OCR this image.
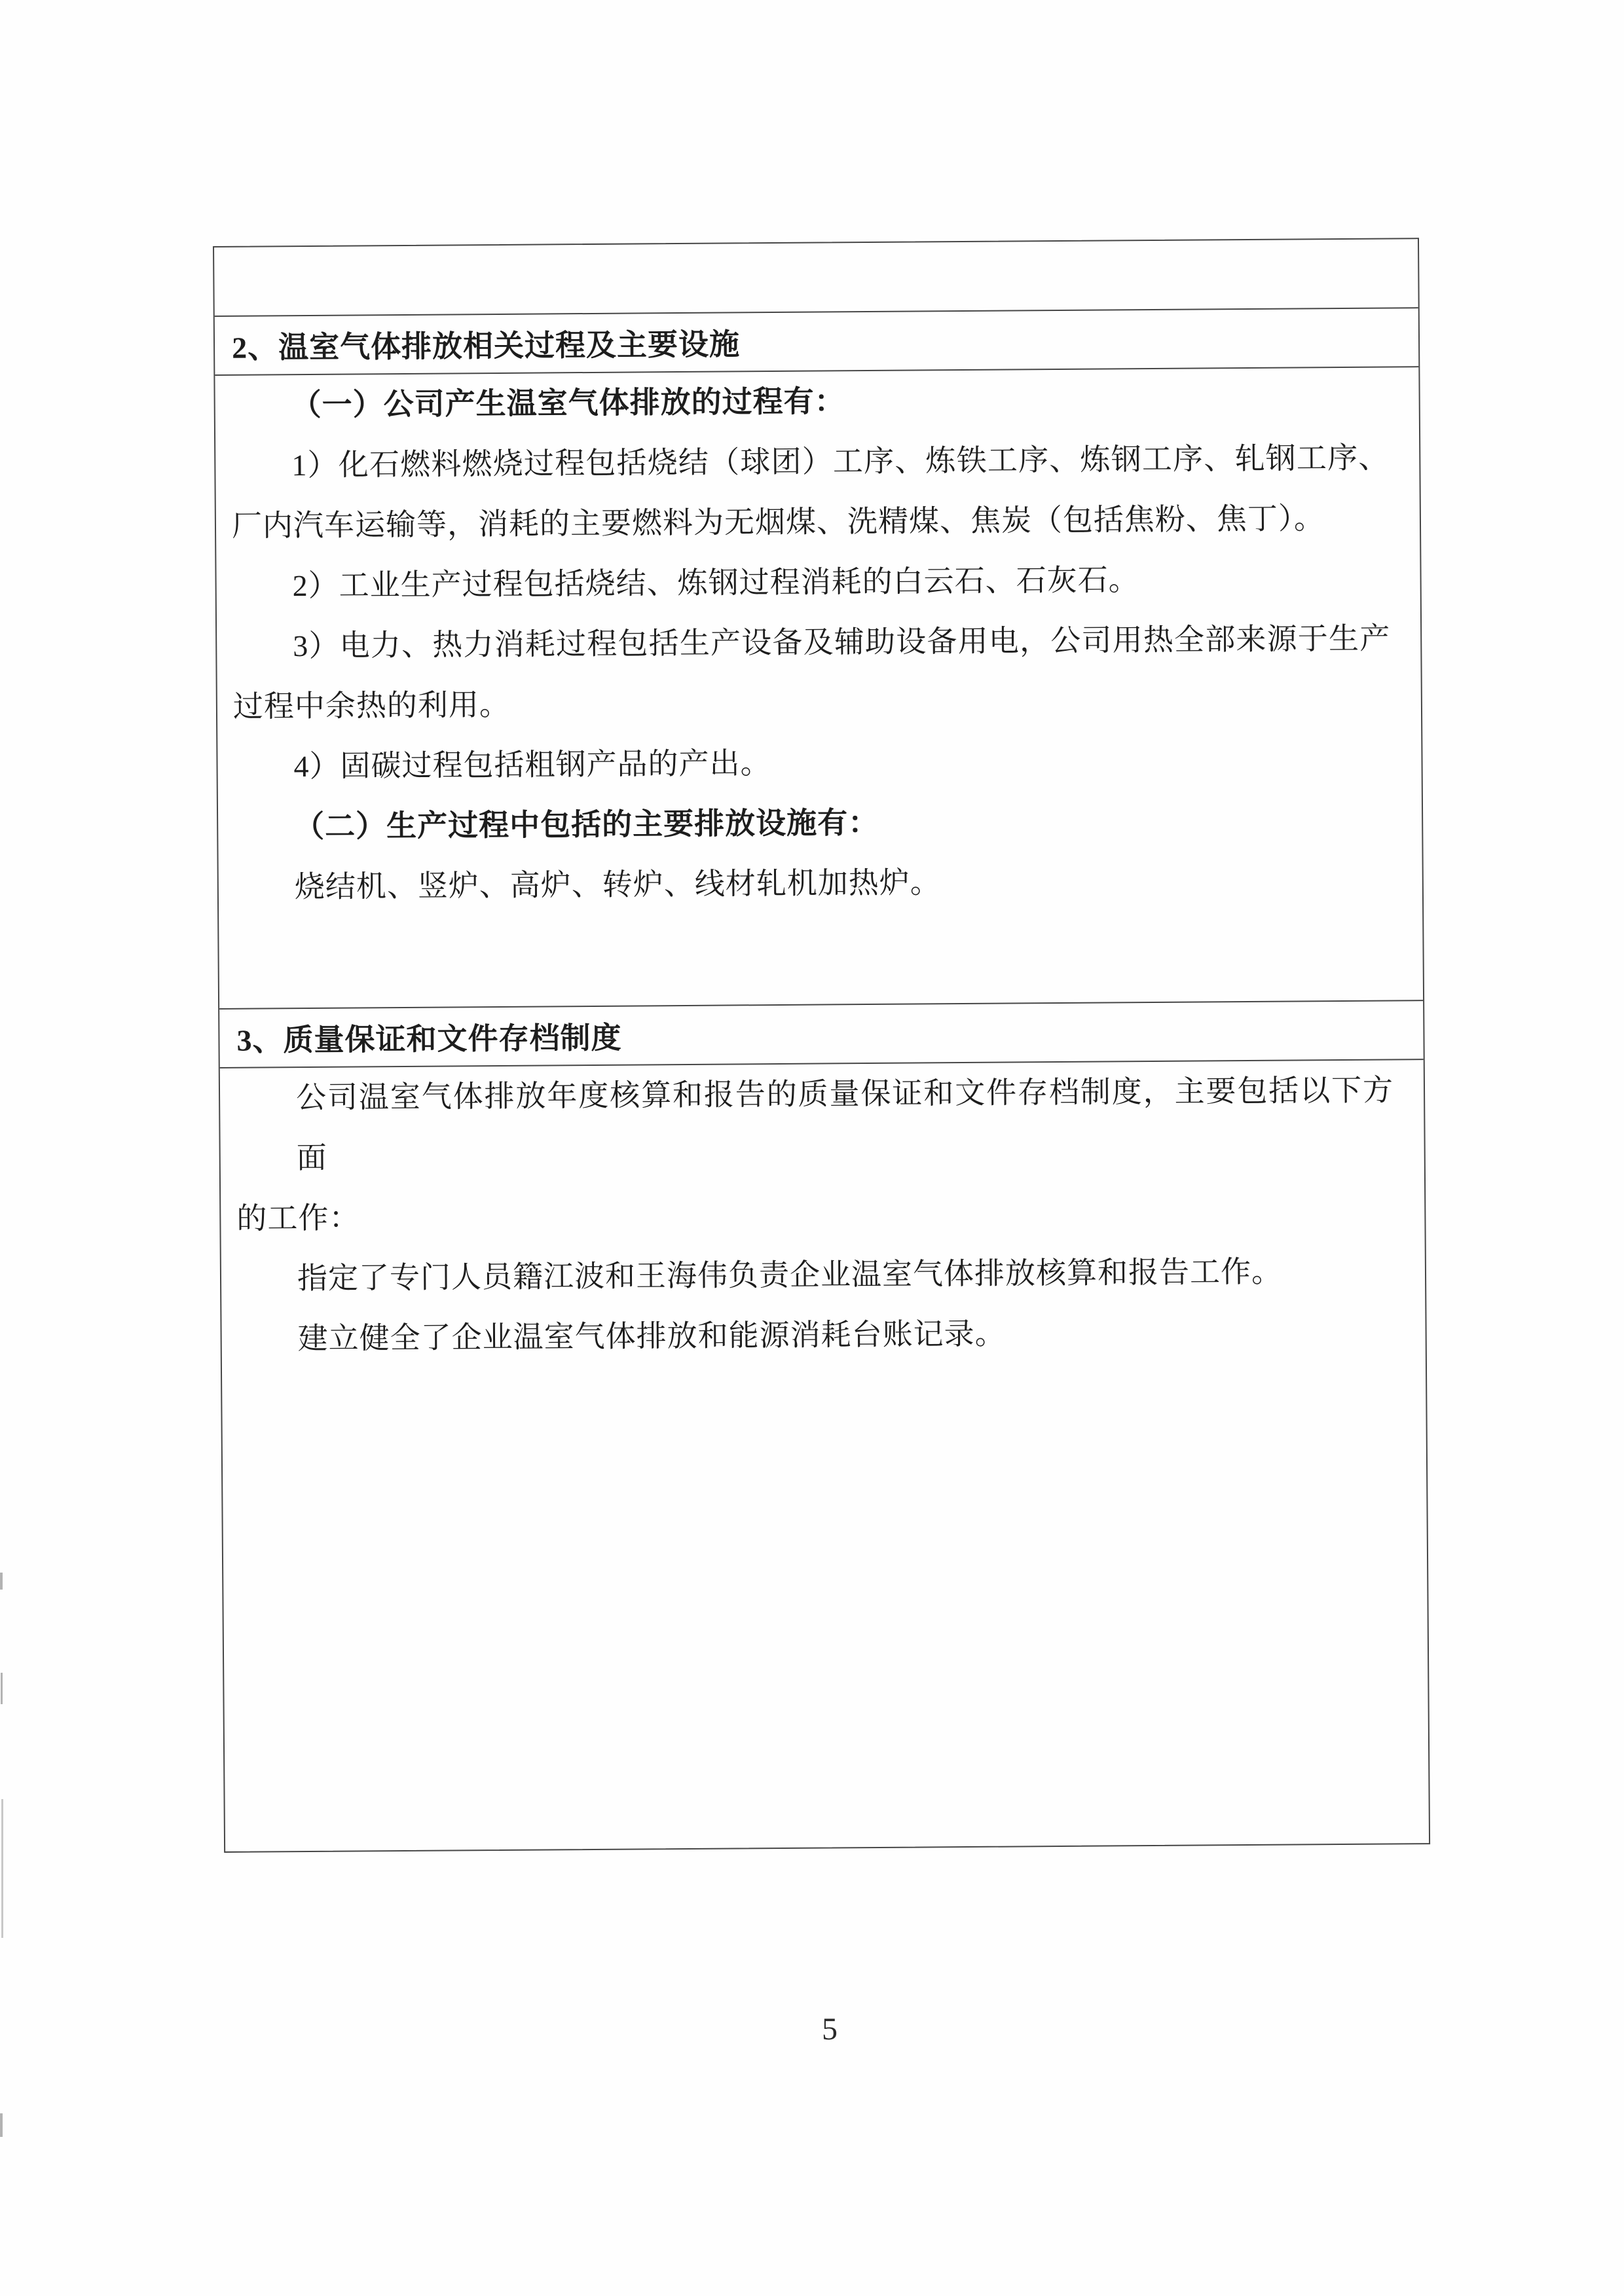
2、温室气体排放相关过程及主要设施
（一）公司产生温室气体排放的过程有：
1）化石燃料燃烧过程包括烧结（球团）工序、炼铁工序、炼钢工序、轧钢工序、
厂内汽车运输等，消耗的主要燃料为无烟煤、洗精煤、焦炭（包括焦粉、焦丁）。
2）工业生产过程包括烧结、炼钢过程消耗的白云石、石灰石。
3）电力、热力消耗过程包括生产设备及辅助设备用电，公司用热全部来源于生产
过程中余热的利用。
4）固碳过程包括粗钢产品的产出。
（二）生产过程中包括的主要排放设施有：
烧结机、竖炉、高炉、转炉、线材轧机加热炉。
3、质量保证和文件存档制度
公司温室气体排放年度核算和报告的质量保证和文件存档制度，主要包括以下方面
的工作：
指定了专门人员籍江波和王海伟负责企业温室气体排放核算和报告工作。
建立健全了企业温室气体排放和能源消耗台账记录。
5
